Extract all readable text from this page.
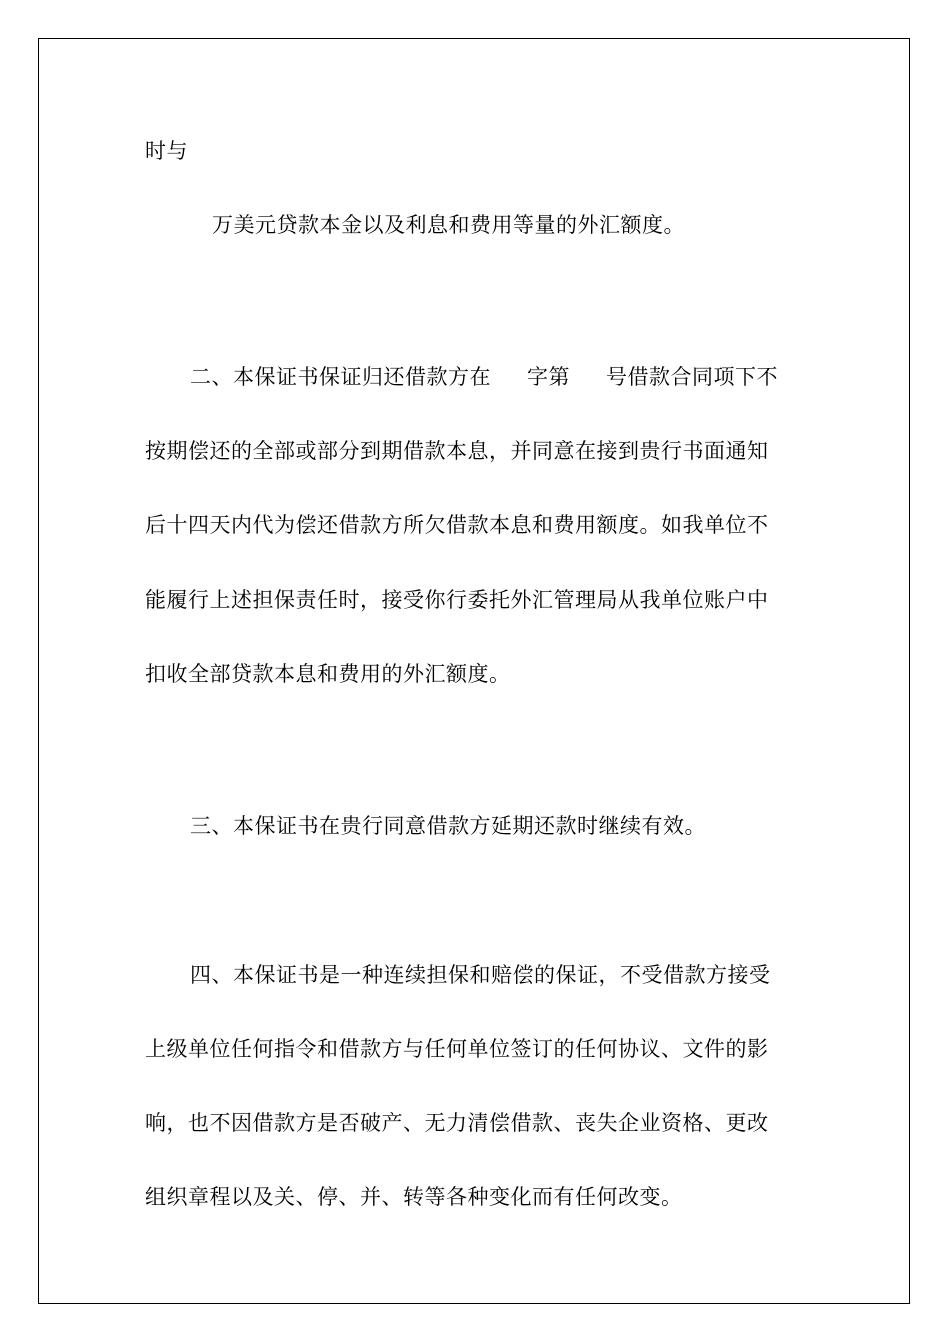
时与
万美元贷款本金以及利息和费用等量的外汇额度。
二、本保证书保证归还借款方在 字第 号借款合同项下不
按期偿还的全部或部分到期借款本息，并同意在接到贵行书面通知
后十四天内代为偿还借款方所欠借款本息和费用额度。如我单位不
能履行上述担保责任时，接受你行委托外汇管理局从我单位账户中
扣收全部贷款本息和费用的外汇额度。
三、本保证书在贵行同意借款方延期还款时继续有效。
四、本保证书是一种连续担保和赔偿的保证，不受借款方接受
上级单位任何指令和借款方与任何单位签订的任何协议、文件的影
响，也不因借款方是否破产、无力清偿借款、丧失企业资格、更改
组织章程以及关、停、并、转等各种变化而有任何改变。
